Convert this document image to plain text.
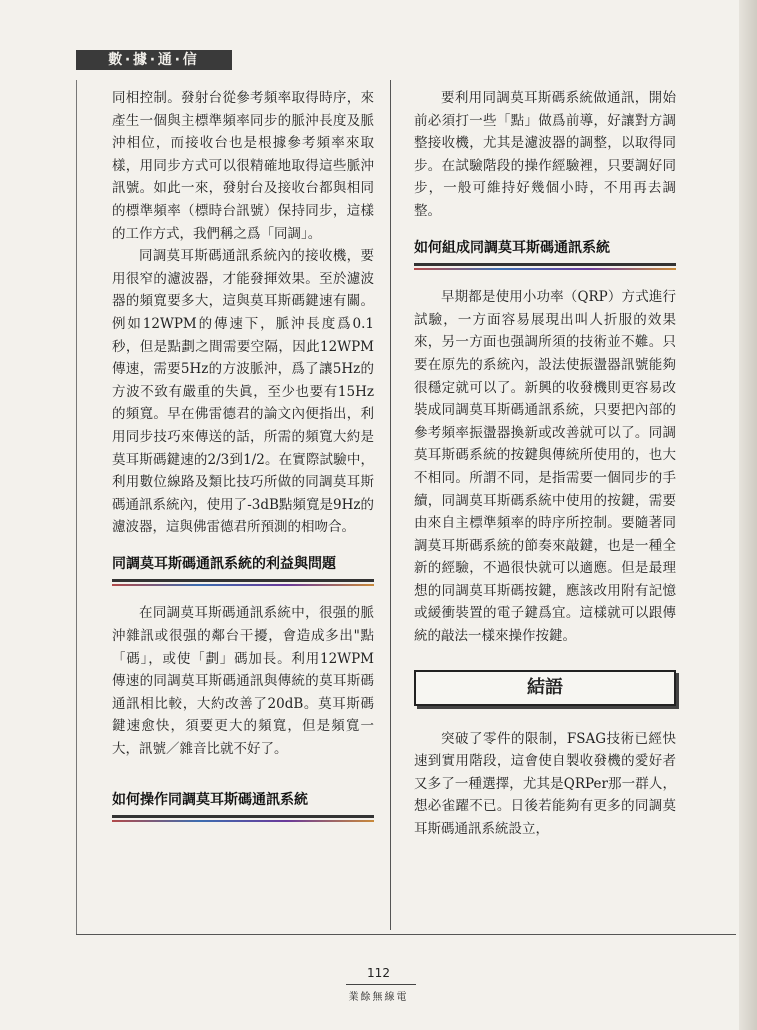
數‧據‧通‧信

同相控制。發射台從參考頻率取得時序，來產生一個與主標準頻率同步的脈沖長度及脈沖相位，而接收台也是根據參考頻率來取樣，用同步方式可以很精確地取得這些脈沖訊號。如此一來，發射台及接收台都與相同的標準頻率（標時台訊號）保持同步，這樣的工作方式，我們稱之爲「同調」。

同調莫耳斯碼通訊系統內的接收機，要用很窄的濾波器，才能發揮效果。至於濾波器的頻寬要多大，這與莫耳斯碼鍵速有關。例如12WPM的傳速下，脈沖長度爲0.1秒，但是點劃之間需要空隔，因此12WPM傳速，需要5Hz的方波脈沖，爲了讓5Hz的方波不致有嚴重的失眞，至少也要有15Hz的頻寬。早在佛雷德君的論文內便指出，利用同步技巧來傳送的話，所需的頻寬大約是莫耳斯碼鍵速的2/3到1/2。在實際試驗中，利用數位線路及類比技巧所做的同調莫耳斯碼通訊系統內，使用了-3dB點頻寬是9Hz的濾波器，這與佛雷德君所預測的相吻合。

同調莫耳斯碼通訊系統的利益與問題

在同調莫耳斯碼通訊系統中，很强的脈沖雜訊或很强的鄰台干擾，會造成多出"點「碼」，或使「劃」碼加長。利用12WPM傳速的同調莫耳斯碼通訊與傳統的莫耳斯碼通訊相比較，大約改善了20dB。莫耳斯碼鍵速愈快，須要更大的頻寬，但是頻寬一大，訊號／雜音比就不好了。

如何操作同調莫耳斯碼通訊系統

要利用同調莫耳斯碼系統做通訊，開始前必須打一些「點」做爲前導，好讓對方調整接收機，尤其是濾波器的調整，以取得同步。在試驗階段的操作經驗裡，只要調好同步，一般可維持好幾個小時，不用再去調整。

如何組成同調莫耳斯碼通訊系統

早期都是使用小功率（QRP）方式進行試驗，一方面容易展現出叫人折服的效果來，另一方面也强調所須的技術並不難。只要在原先的系統內，設法使振盪器訊號能夠很穩定就可以了。新興的收發機則更容易改裝成同調莫耳斯碼通訊系統，只要把內部的參考頻率振盪器換新或改善就可以了。同調莫耳斯碼系統的按鍵與傳統所使用的，也大不相同。所謂不同，是指需要一個同步的手續，同調莫耳斯碼系統中使用的按鍵，需要由來自主標準頻率的時序所控制。要隨著同調莫耳斯碼系統的節奏來敲鍵，也是一種全新的經驗，不過很快就可以適應。但是最理想的同調莫耳斯碼按鍵，應該改用附有記憶或緩衝裝置的電子鍵爲宜。這樣就可以跟傳統的敲法一樣來操作按鍵。

結語

突破了零件的限制，FSAG技術已經快速到實用階段，這會使自製收發機的愛好者又多了一種選擇，尤其是QRPer那一群人，想必雀躍不已。日後若能夠有更多的同調莫耳斯碼通訊系統設立，

112
業餘無線電
